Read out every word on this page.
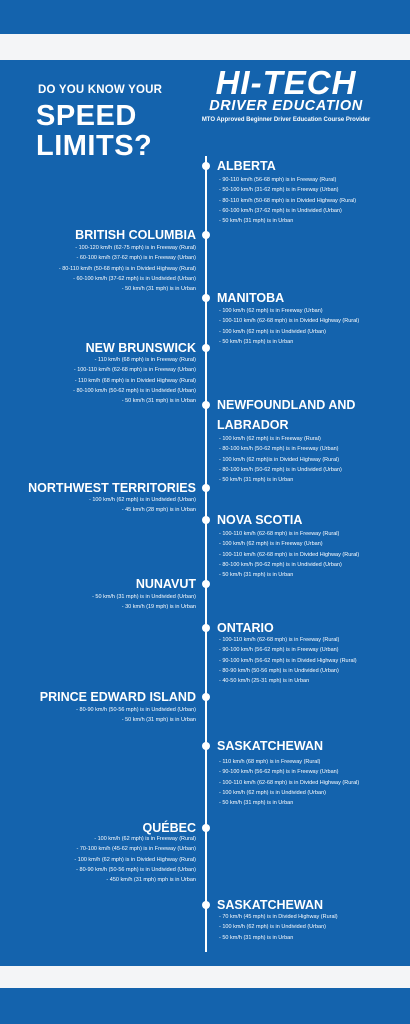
DO YOU KNOW YOUR
SPEED
LIMITS?
HI-TECH
DRIVER EDUCATION
MTO Approved Beginner Driver Education Course Provider
ALBERTA
- 90-110 km/h (56-68 mph) is in Freeway (Rural)
- 50-100 km/h (31-62 mph) is in Freeway (Urban)
- 80-110 km/h (50-68 mph) is in Divided Highway (Rural)
- 60-100 km/h (37-62 mph) is in Undivided (Urban)
- 50 km/h (31 mph) is in Urban
BRITISH COLUMBIA
- 100-120 km/h (62-75 mph) is in Freeway (Rural)
- 60-100 km/h (37-62 mph) is in Freeway (Urban)
- 80-110 km/h (50-68 mph) is in Divided Highway (Rural)
- 60-100 km/h (37-62 mph) is in Undivided (Urban)
- 50 km/h (31 mph) is in Urban
MANITOBA
- 100 km/h (62 mph) is in Freeway (Urban)
- 100-110 km/h (62-68 mph) is in Divided Highway (Rural)
- 100 km/h (62 mph) is in Undivided (Urban)
- 50 km/h (31 mph) is in Urban
NEW BRUNSWICK
- 110 km/h (68 mph) is in Freeway (Rural)
- 100-110 km/h (62-68 mph) is in Freeway (Urban)
- 110 km/h (68 mph) is in Divided Highway (Rural)
- 80-100 km/h (50-62 mph) is in Undivided (Urban)
- 50 km/h (31 mph) is in Urban NEWFOUNDLAND AND LABRADOR
- 100 km/h (62 mph) is in Freeway (Rural)
- 80-100 km/h (50-62 mph) is in Freeway (Urban)
- 100 km/h (62 mph)is in Divided Highway (Rural)
- 80-100 km/h (50-62 mph) is in Undivided (Urban)
- 50 km/h (31 mph) is in Urban
NORTHWEST TERRITORIES
- 100 km/h (62 mph) is in Undivided (Urban)
- 45 km/h (28 mph) is in Urban
NOVA SCOTIA
- 100-110 km/h (62-68 mph) is in Freeway (Rural)
- 100 km/h (62 mph) is in Freeway (Urban)
- 100-110 km/h (62-68 mph) is in Divided Highway (Rural)
- 80-100 km/h (50-62 mph) is in Undivided (Urban)
- 50 km/h (31 mph) is in Urban
NUNAVUT
- 50 km/h (31 mph) is in Undivided (Urban)
- 30 km/h (19 mph) is in Urban
ONTARIO
- 100-110 km/h (62-68 mph) is in Freeway (Rural)
- 90-100 km/h (56-62 mph) is in Freeway (Urban)
- 90-100 km/h (56-62 mph) is in Divided Highway (Rural)
- 80-90 km/h (50-56 mph) is in Undivided (Urban)
- 40-50 km/h (25-31 mph) is in Urban
PRINCE EDWARD ISLAND
- 80-90 km/h (50-56 mph) is in Undivided (Urban)
- 50 km/h (31 mph) is in Urban
SASKATCHEWAN
- 110 km/h (68 mph) is in Freeway (Rural)
- 90-100 km/h (56-62 mph) is in Freeway (Urban)
- 100-110 km/h (62-68 mph) is in Divided Highway (Rural)
- 100 km/h (62 mph) is in Undivided (Urban)
- 50 km/h (31 mph) is in Urban
QUÉBEC
- 100 km/h (62 mph) is in Freeway (Rural)
- 70-100 km/h (45-62 mph) is in Freeway (Urban)
- 100 km/h (62 mph) is in Divided Highway (Rural)
- 80-90 km/h (50-56 mph) is in Undivided (Urban)
- 450 km/h (31 mph) mph is in Urban
SASKATCHEWAN
- 70 km/h (45 mph) is in Divided Highway (Rural)
- 100 km/h (62 mph) is in Undivided (Urban)
- 50 km/h (31 mph) is in Urban
